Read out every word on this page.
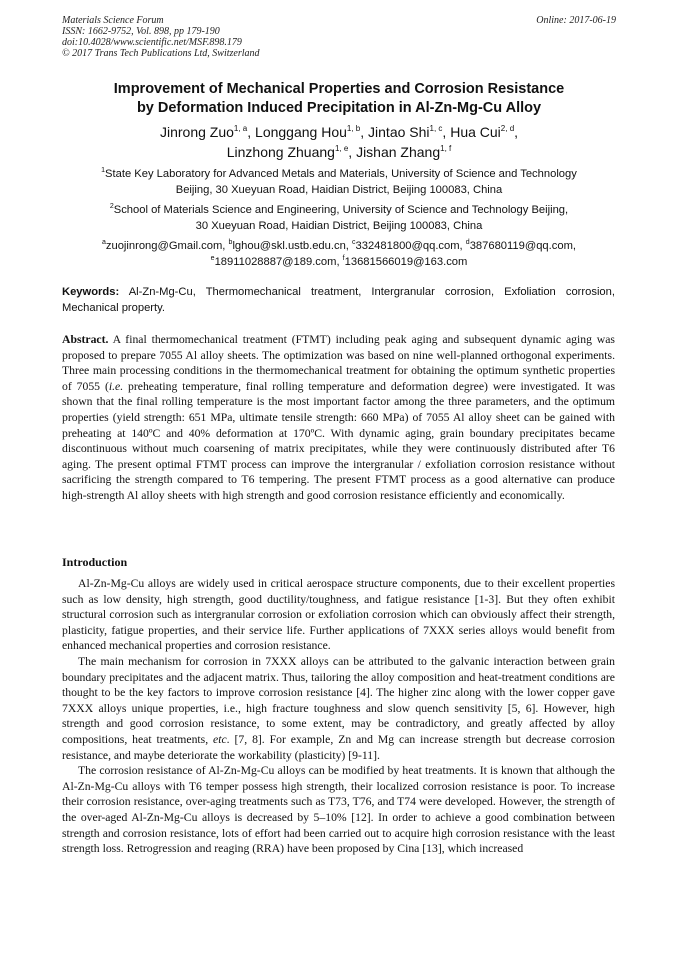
Materials Science Forum
ISSN: 1662-9752, Vol. 898, pp 179-190
doi:10.4028/www.scientific.net/MSF.898.179
© 2017 Trans Tech Publications Ltd, Switzerland
Online: 2017-06-19
Improvement of Mechanical Properties and Corrosion Resistance
by Deformation Induced Precipitation in Al-Zn-Mg-Cu Alloy
Jinrong Zuo$^{1, a}$, Longgang Hou$^{1, b}$, Jintao Shi$^{1, c}$, Hua Cui$^{2, d}$,
Linzhong Zhuang$^{1, e}$, Jishan Zhang$^{1, f}$
$^1$State Key Laboratory for Advanced Metals and Materials, University of Science and Technology
Beijing, 30 Xueyuan Road, Haidian District, Beijing 100083, China
$^2$School of Materials Science and Engineering, University of Science and Technology Beijing,
30 Xueyuan Road, Haidian District, Beijing 100083, China
$^a$zuojinrong@Gmail.com, $^b$lghou@skl.ustb.edu.cn, $^c$332481800@qq.com, $^d$387680119@qq.com,
$^e$18911028887@189.com, $^f$13681566019@163.com
Keywords: Al-Zn-Mg-Cu, Thermomechanical treatment, Intergranular corrosion, Exfoliation corrosion, Mechanical property.
Abstract. A final thermomechanical treatment (FTMT) including peak aging and subsequent dynamic aging was proposed to prepare 7055 Al alloy sheets. The optimization was based on nine well-planned orthogonal experiments. Three main processing conditions in the thermomechanical treatment for obtaining the optimum synthetic properties of 7055 (i.e. preheating temperature, final rolling temperature and deformation degree) were investigated. It was shown that the final rolling temperature is the most important factor among the three parameters, and the optimum properties (yield strength: 651 MPa, ultimate tensile strength: 660 MPa) of 7055 Al alloy sheet can be gained with preheating at 140ºC and 40% deformation at 170ºC. With dynamic aging, grain boundary precipitates became discontinuous without much coarsening of matrix precipitates, while they were continuously distributed after T6 aging. The present optimal FTMT process can improve the intergranular / exfoliation corrosion resistance without sacrificing the strength compared to T6 tempering. The present FTMT process as a good alternative can produce high-strength Al alloy sheets with high strength and good corrosion resistance efficiently and economically.
Introduction

Al-Zn-Mg-Cu alloys are widely used in critical aerospace structure components, due to their excellent properties such as low density, high strength, good ductility/toughness, and fatigue resistance [1-3]. But they often exhibit structural corrosion such as intergranular corrosion or exfoliation corrosion which can obviously affect their strength, plasticity, fatigue properties, and their service life. Further applications of 7XXX series alloys would benefit from enhanced mechanical properties and corrosion resistance.

The main mechanism for corrosion in 7XXX alloys can be attributed to the galvanic interaction between grain boundary precipitates and the adjacent matrix. Thus, tailoring the alloy composition and heat-treatment conditions are thought to be the key factors to improve corrosion resistance [4]. The higher zinc along with the lower copper gave 7XXX alloys unique properties, i.e., high fracture toughness and slow quench sensitivity [5, 6]. However, high strength and good corrosion resistance, to some extent, may be contradictory, and greatly affected by alloy compositions, heat treatments, etc. [7, 8]. For example, Zn and Mg can increase strength but decrease corrosion resistance, and maybe deteriorate the workability (plasticity) [9-11].

The corrosion resistance of Al-Zn-Mg-Cu alloys can be modified by heat treatments. It is known that although the Al-Zn-Mg-Cu alloys with T6 temper possess high strength, their localized corrosion resistance is poor. To increase their corrosion resistance, over-aging treatments such as T73, T76, and T74 were developed. However, the strength of the over-aged Al-Zn-Mg-Cu alloys is decreased by 5–10% [12]. In order to achieve a good combination between strength and corrosion resistance, lots of effort had been carried out to acquire high corrosion resistance with the least strength loss. Retrogression and reaging (RRA) have been proposed by Cina [13], which increased
